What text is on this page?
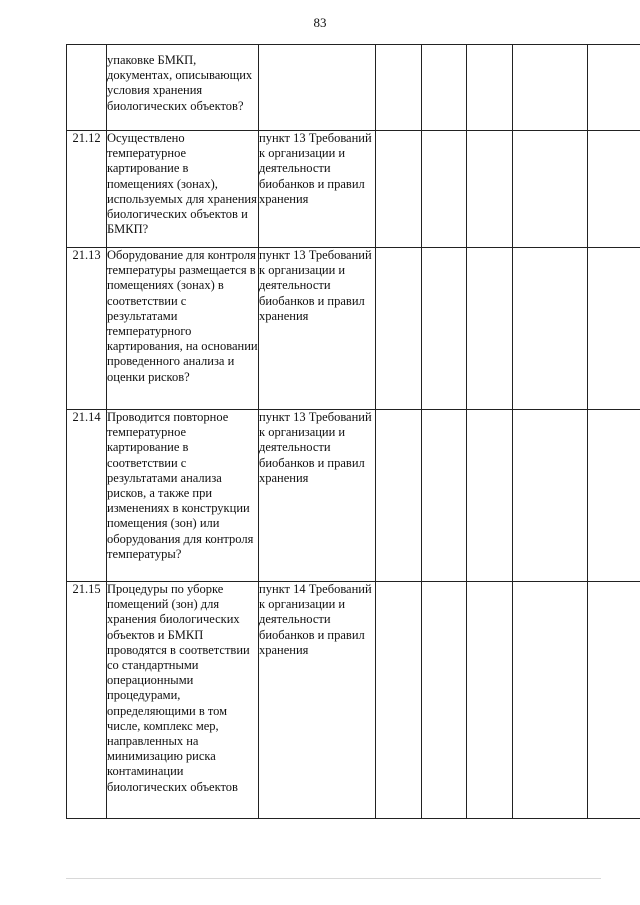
83
	упаковке БМКП, документах, описывающих условия хранения биологических объектов?						
21.12	Осуществлено температурное картирование в помещениях (зонах), используемых для хранения биологических объектов и БМКП?	пункт 13 Требований к организации и деятельности биобанков и правил хранения					
21.13	Оборудование для контроля температуры размещается в помещениях (зонах) в соответствии с результатами температурного картирования, на основании проведенного анализа и оценки рисков?	пункт 13 Требований к организации и деятельности биобанков и правил хранения					
21.14	Проводится повторное температурное картирование в соответствии с результатами анализа рисков, а также при изменениях в конструкции помещения (зон) или оборудования для контроля температуры?	пункт 13 Требований к организации и деятельности биобанков и правил хранения					
21.15	Процедуры по уборке помещений (зон) для хранения биологических объектов и БМКП проводятся в соответствии со стандартными операционными процедурами, определяющими в том числе, комплекс мер, направленных на минимизацию риска контаминации биологических объектов	пункт 14 Требований к организации и деятельности биобанков и правил хранения					
